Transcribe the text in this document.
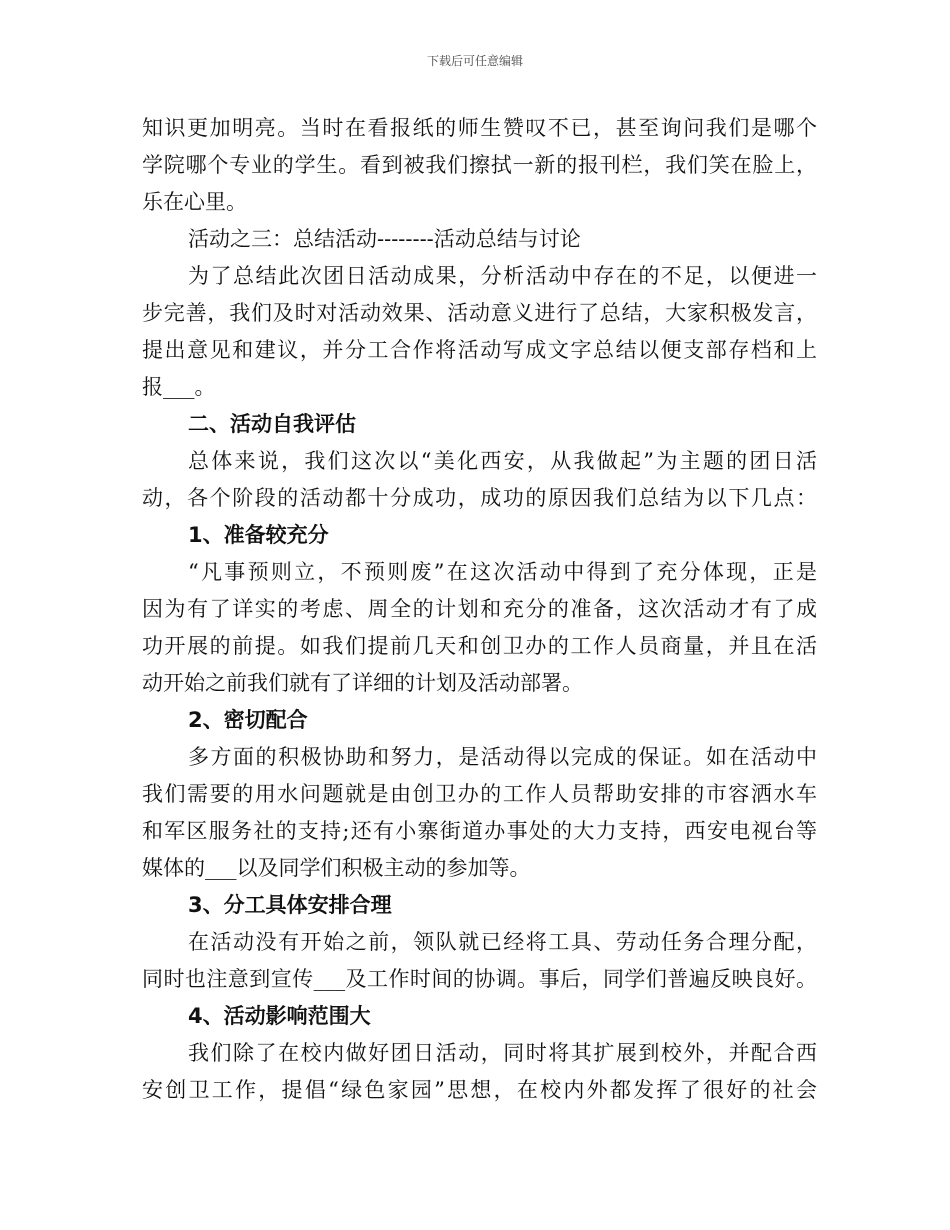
下载后可任意编辑
知识更加明亮。当时在看报纸的师生赞叹不已，甚至询问我们是哪个
学院哪个专业的学生。看到被我们擦拭一新的报刊栏，我们笑在脸上，
乐在心里。
活动之三：总结活动--------活动总结与讨论
为了总结此次团日活动成果，分析活动中存在的不足，以便进一
步完善，我们及时对活动效果、活动意义进行了总结，大家积极发言，
提出意见和建议，并分工合作将活动写成文字总结以便支部存档和上
报___。
二、活动自我评估
总体来说，我们这次以“美化西安，从我做起”为主题的团日活
动，各个阶段的活动都十分成功，成功的原因我们总结为以下几点：
1、准备较充分
“凡事预则立，不预则废”在这次活动中得到了充分体现，正是
因为有了详实的考虑、周全的计划和充分的准备，这次活动才有了成
功开展的前提。如我们提前几天和创卫办的工作人员商量，并且在活
动开始之前我们就有了详细的计划及活动部署。
2、密切配合
多方面的积极协助和努力，是活动得以完成的保证。如在活动中
我们需要的用水问题就是由创卫办的工作人员帮助安排的市容洒水车
和军区服务社的支持;还有小寨街道办事处的大力支持，西安电视台等
媒体的___以及同学们积极主动的参加等。
3、分工具体安排合理
在活动没有开始之前，领队就已经将工具、劳动任务合理分配，
同时也注意到宣传___及工作时间的协调。事后，同学们普遍反映良好。
4、活动影响范围大
我们除了在校内做好团日活动，同时将其扩展到校外，并配合西
安创卫工作，提倡“绿色家园”思想，在校内外都发挥了很好的社会
